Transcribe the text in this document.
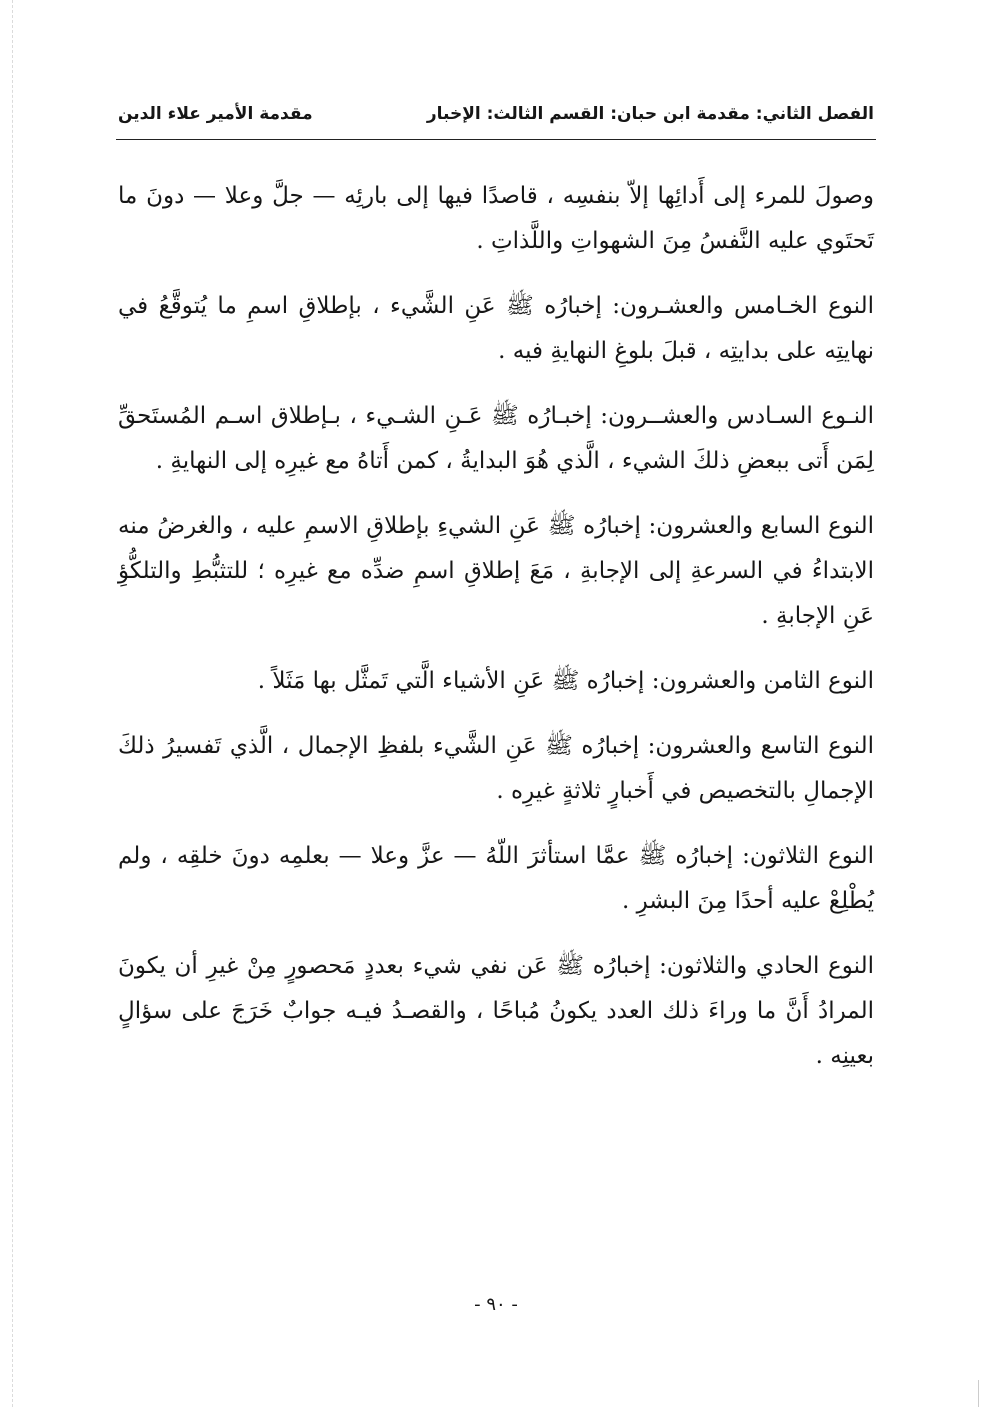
الفصل الثاني: مقدمة ابن حبان: القسم الثالث: الإخبار
مقدمة الأمير علاء الدين

وصولَ للمرء إلى أَدائِها إلاّ بنفسِه ، قاصدًا فيها إلى بارئِه — جلَّ وعلا — دونَ ما تَحتَوي عليه النَّفسُ مِنَ الشهواتِ واللَّذاتِ .

النوع الخـامس والعشـرون: إخبارُه ﷺ عَنِ الشَّيء ، بإطلاقِ اسمِ ما يُتوقَّعُ في نهايتِه على بدايتِه ، قبلَ بلوغِ النهايةِ فيه .

النـوع السـادس والعشــرون: إخبـارُه ﷺ عَـنِ الشـيء ، بـإطلاق اسـم المُستَحقِّ لِمَن أَتى ببعضِ ذلكَ الشيء ، الَّذي هُوَ البدايةُ ، كمن أَتاهُ مع غيرِه إلى النهايةِ .

النوع السابع والعشرون: إخبارُه ﷺ عَنِ الشيءِ بإطلاقِ الاسمِ عليه ، والغرضُ منه الابتداءُ في السرعةِ إلى الإجابةِ ، مَعَ إطلاقِ اسمِ ضدِّه مع غيرِه ؛ للتثبُّطِ والتلكُّؤِ عَنِ الإجابةِ .

النوع الثامن والعشرون: إخبارُه ﷺ عَنِ الأشياء الَّتي تَمثَّل بها مَثَلاً .

النوع التاسع والعشرون: إخبارُه ﷺ عَنِ الشَّيء بلفظِ الإجمال ، الَّذي تَفسيرُ ذلكَ الإجمالِ بالتخصيص في أَخبارٍ ثلاثةٍ غيرِه .

النوع الثلاثون: إخبارُه ﷺ عمَّا استأثرَ اللّهُ — عزَّ وعلا — بعلمِه دونَ خلقِه ، ولم يُطْلِعْ عليه أحدًا مِنَ البشرِ .

النوع الحادي والثلاثون: إخبارُه ﷺ عَن نفي شيء بعددٍ مَحصورٍ مِنْ غيرِ أن يكونَ المرادُ أَنَّ ما وراءَ ذلك العدد يكونُ مُباحًا ، والقصـدُ فيـه جوابٌ خَرَجَ على سؤالٍ بعينِه .

- ٩٠ -
